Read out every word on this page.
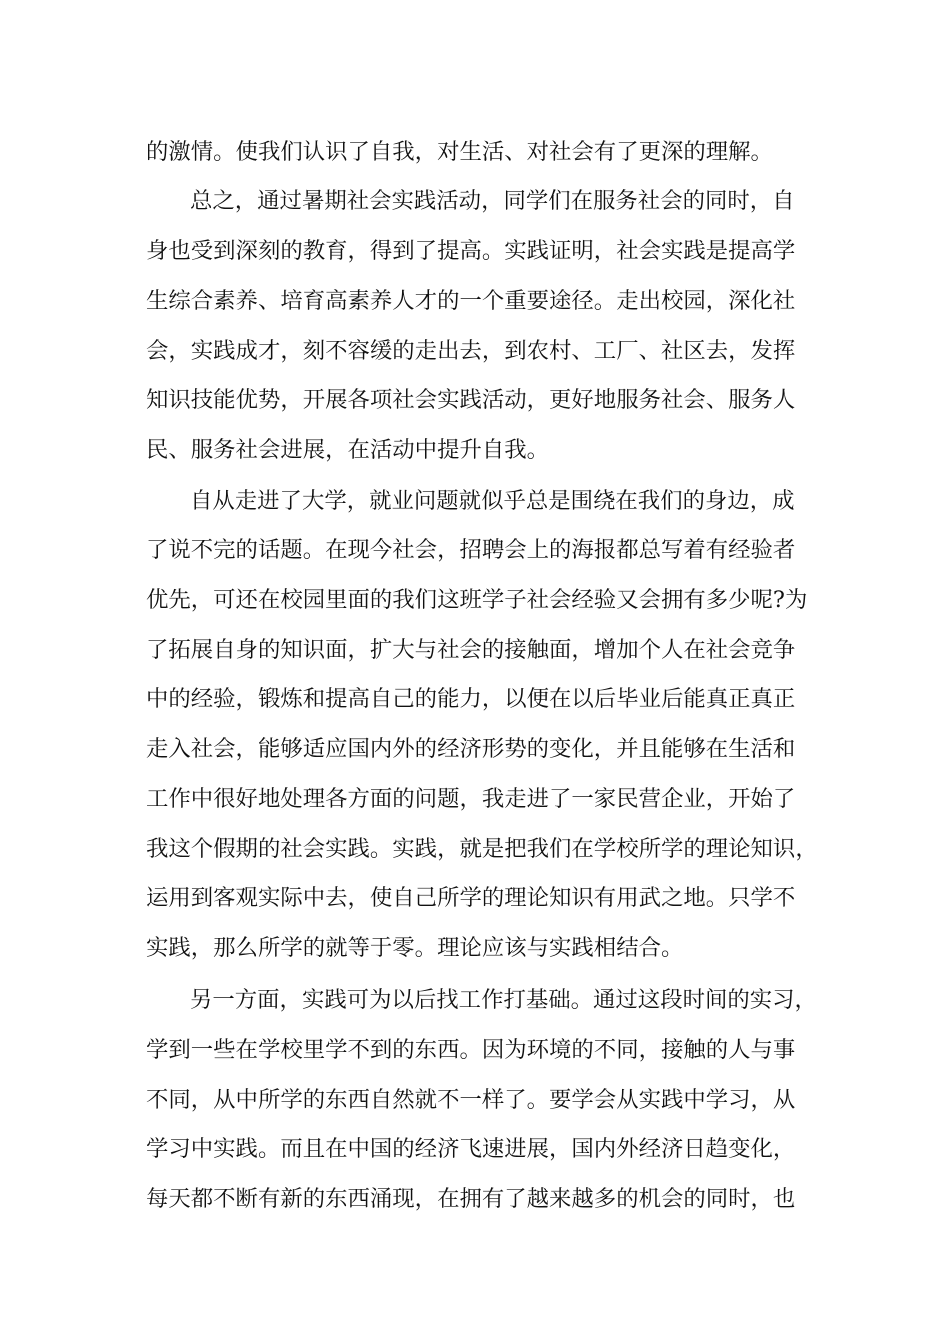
的激情。使我们认识了自我，对生活、对社会有了更深的理解。
总之，通过暑期社会实践活动，同学们在服务社会的同时，自
身也受到深刻的教育，得到了提高。实践证明，社会实践是提高学
生综合素养、培育高素养人才的一个重要途径。走出校园，深化社
会，实践成才，刻不容缓的走出去，到农村、工厂、社区去，发挥
知识技能优势，开展各项社会实践活动，更好地服务社会、服务人
民、服务社会进展，在活动中提升自我。
自从走进了大学，就业问题就似乎总是围绕在我们的身边，成
了说不完的话题。在现今社会，招聘会上的海报都总写着有经验者
优先，可还在校园里面的我们这班学子社会经验又会拥有多少呢?为
了拓展自身的知识面，扩大与社会的接触面，增加个人在社会竞争
中的经验，锻炼和提高自己的能力，以便在以后毕业后能真正真正
走入社会，能够适应国内外的经济形势的变化，并且能够在生活和
工作中很好地处理各方面的问题，我走进了一家民营企业，开始了
我这个假期的社会实践。实践，就是把我们在学校所学的理论知识，
运用到客观实际中去，使自己所学的理论知识有用武之地。只学不
实践，那么所学的就等于零。理论应该与实践相结合。
另一方面，实践可为以后找工作打基础。通过这段时间的实习，
学到一些在学校里学不到的东西。因为环境的不同，接触的人与事
不同，从中所学的东西自然就不一样了。要学会从实践中学习，从
学习中实践。而且在中国的经济飞速进展，国内外经济日趋变化，
每天都不断有新的东西涌现，在拥有了越来越多的机会的同时，也
